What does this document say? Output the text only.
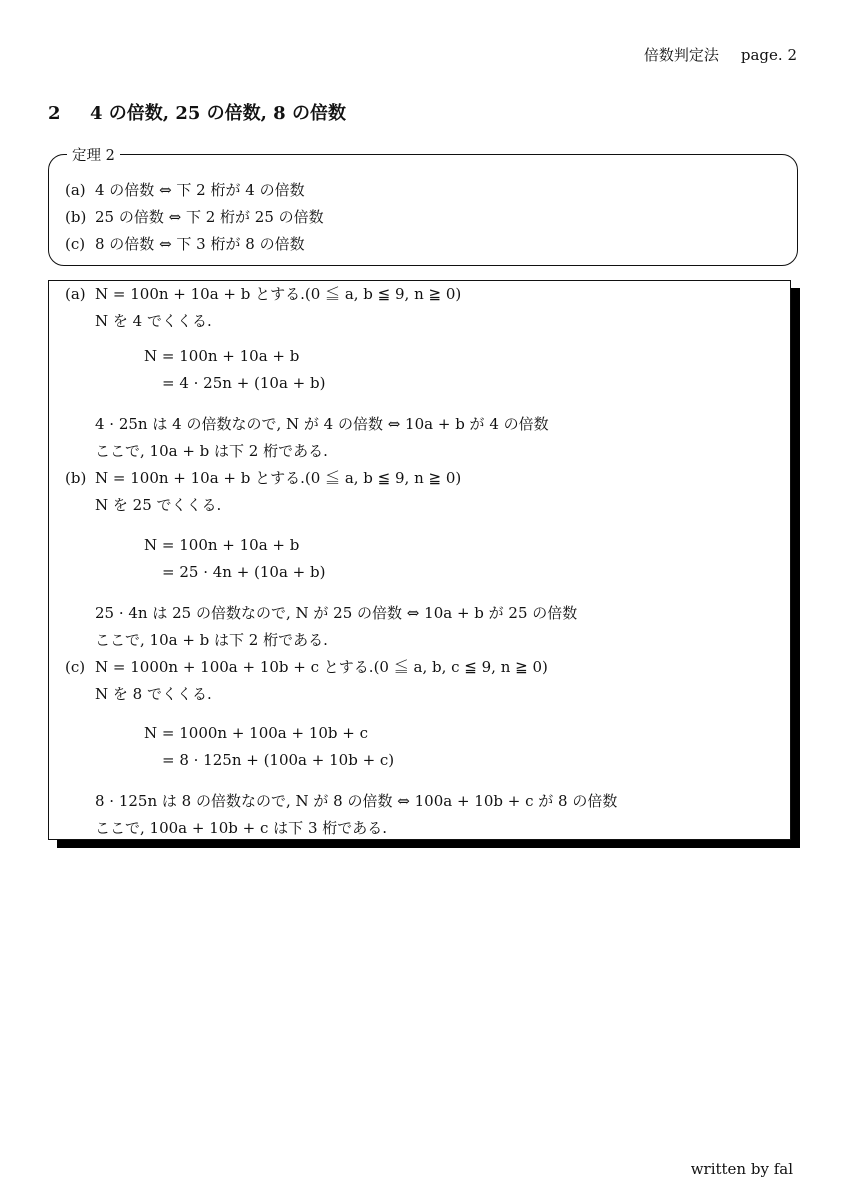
倍数判定法 page. 2
2 4 の倍数, 25 の倍数, 8 の倍数
定理 2
(a) 4 の倍数 ⇔ 下 2 桁が 4 の倍数
(b) 25 の倍数 ⇔ 下 2 桁が 25 の倍数
(c) 8 の倍数 ⇔ 下 3 桁が 8 の倍数
(a) N = 100n + 10a + b とする.(0 ≦ a, b ≦ 9, n ≧ 0)
N を 4 でくくる.
N = 100n + 10a + b
= 4 · 25n + (10a + b)
4 · 25n は 4 の倍数なので, N が 4 の倍数 ⇔ 10a + b が 4 の倍数
ここで, 10a + b は下 2 桁である.
(b) N = 100n + 10a + b とする.(0 ≦ a, b ≦ 9, n ≧ 0)
N を 25 でくくる.
N = 100n + 10a + b
= 25 · 4n + (10a + b)
25 · 4n は 25 の倍数なので, N が 25 の倍数 ⇔ 10a + b が 25 の倍数
ここで, 10a + b は下 2 桁である.
(c) N = 1000n + 100a + 10b + c とする.(0 ≦ a, b, c ≦ 9, n ≧ 0)
N を 8 でくくる.
N = 1000n + 100a + 10b + c
= 8 · 125n + (100a + 10b + c)
8 · 125n は 8 の倍数なので, N が 8 の倍数 ⇔ 100a + 10b + c が 8 の倍数
ここで, 100a + 10b + c は下 3 桁である.
written by fal
